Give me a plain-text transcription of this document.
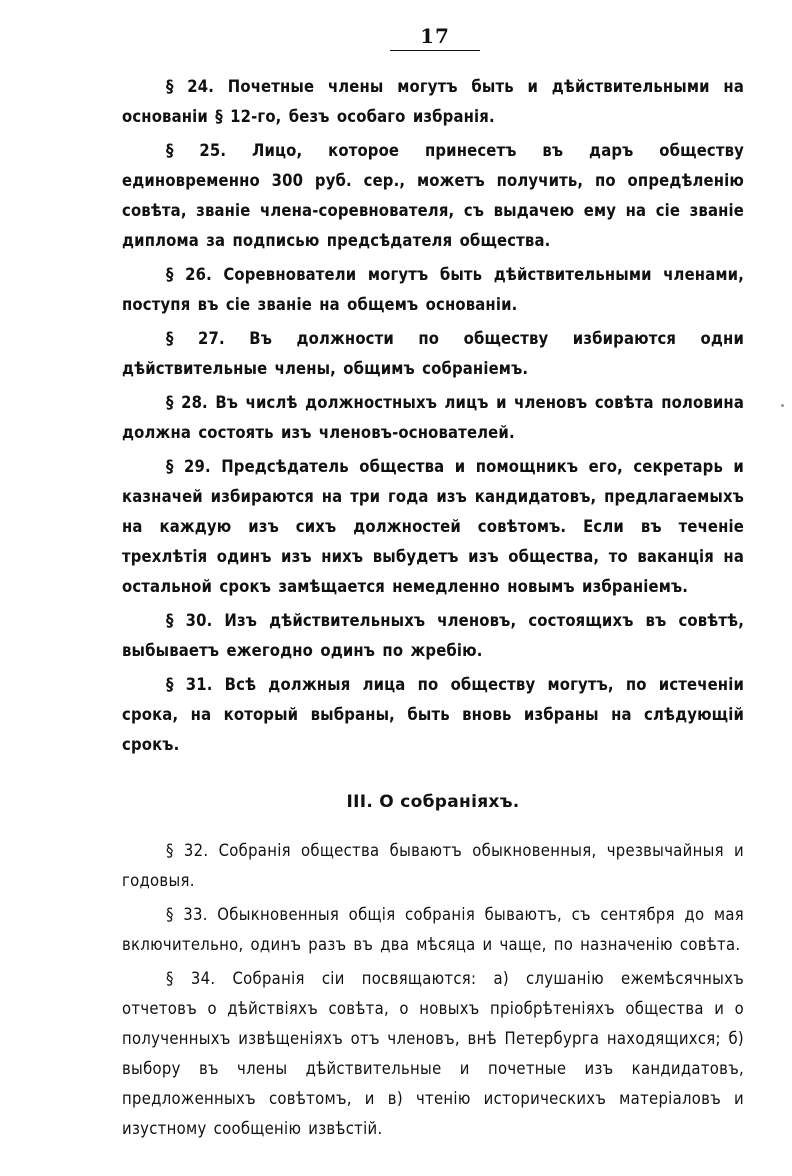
17

§ 24. Почетные члены могутъ быть и дѣйствительными на основаніи § 12-го, безъ особаго избранія.

§ 25. Лицо, которое принесетъ въ даръ обществу единовременно 300 руб. сер., можетъ получить, по опредѣленію совѣта, званіе члена-соревнователя, съ выдачею ему на сіе званіе диплома за подписью предсѣдателя общества.

§ 26. Соревнователи могутъ быть дѣйствительными членами, поступя въ сіе званіе на общемъ основаніи.

§ 27. Въ должности по обществу избираются одни дѣйствительные члены, общимъ собраніемъ.

§ 28. Въ числѣ должностныхъ лицъ и членовъ совѣта половина должна состоять изъ членовъ-основателей.

§ 29. Предсѣдатель общества и помощникъ его, секретарь и казначей избираются на три года изъ кандидатовъ, предлагаемыхъ на каждую изъ сихъ должностей совѣтомъ. Если въ теченіе трехлѣтія одинъ изъ нихъ выбудетъ изъ общества, то ваканція на остальной срокъ замѣщается немедленно новымъ избраніемъ.

§ 30. Изъ дѣйствительныхъ членовъ, состоящихъ въ совѣтѣ, выбываетъ ежегодно одинъ по жребію.

§ 31. Всѣ должныя лица по обществу могутъ, по истеченіи срока, на который выбраны, быть вновь избраны на слѣдующій срокъ.

III. О собраніяхъ.

§ 32. Собранія общества бываютъ обыкновенныя, чрезвычайныя и годовыя.

§ 33. Обыкновенныя общія собранія бываютъ, съ сентября до мая включительно, одинъ разъ въ два мѣсяца и чаще, по назначенію совѣта.

§ 34. Собранія сіи посвящаются: а) слушанію ежемѣсячныхъ отчетовъ о дѣйствіяхъ совѣта, о новыхъ пріобрѣтеніяхъ общества и о полученныхъ извѣщеніяхъ отъ членовъ, внѣ Петербурга находящихся; б) выбору въ члены дѣйствительные и почетные изъ кандидатовъ, предложенныхъ совѣтомъ, и в) чтенію историческихъ матеріаловъ и изустному сообщенію извѣстій.
